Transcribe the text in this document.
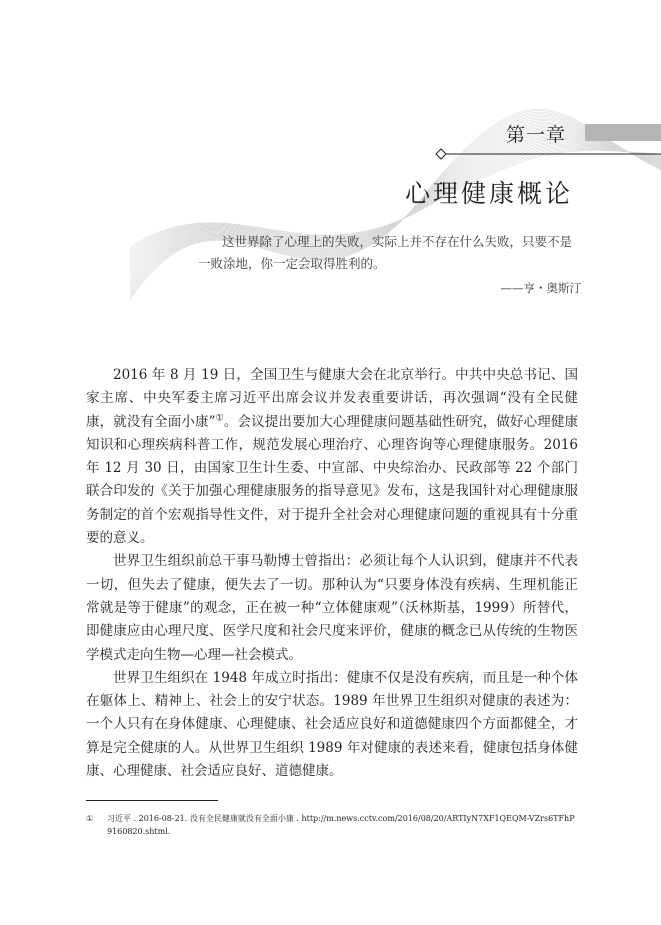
第一章
心理健康概论

这世界除了心理上的失败，实际上并不存在什么失败，只要不是一败涂地，你一定会取得胜利的。

——亨・奥斯汀

2016 年 8 月 19 日，全国卫生与健康大会在北京举行。中共中央总书记、国家主席、中央军委主席习近平出席会议并发表重要讲话，再次强调“没有全民健康，就没有全面小康”①。会议提出要加大心理健康问题基础性研究，做好心理健康知识和心理疾病科普工作，规范发展心理治疗、心理咨询等心理健康服务。2016 年 12 月 30 日，由国家卫生计生委、中宣部、中央综治办、民政部等 22 个部门联合印发的《关于加强心理健康服务的指导意见》发布，这是我国针对心理健康服务制定的首个宏观指导性文件，对于提升全社会对心理健康问题的重视具有十分重要的意义。

世界卫生组织前总干事马勒博士曾指出：必须让每个人认识到，健康并不代表一切，但失去了健康，便失去了一切。那种认为“只要身体没有疾病、生理机能正常就是等于健康”的观念，正在被一种“立体健康观”（沃林斯基，1999）所替代，即健康应由心理尺度、医学尺度和社会尺度来评价，健康的概念已从传统的生物医学模式走向生物—心理—社会模式。

世界卫生组织在 1948 年成立时指出：健康不仅是没有疾病，而且是一种个体在躯体上、精神上、社会上的安宁状态。1989 年世界卫生组织对健康的表述为：一个人只有在身体健康、心理健康、社会适应良好和道德健康四个方面都健全，才算是完全健康的人。从世界卫生组织 1989 年对健康的表述来看，健康包括身体健康、心理健康、社会适应良好、道德健康。

① 习近平 . 2016-08-21. 没有全民健康就没有全面小康 . http://m.news.cctv.com/2016/08/20/ARTIyN7XF1QEQM-VZrs6TFhP9160820.shtml.
